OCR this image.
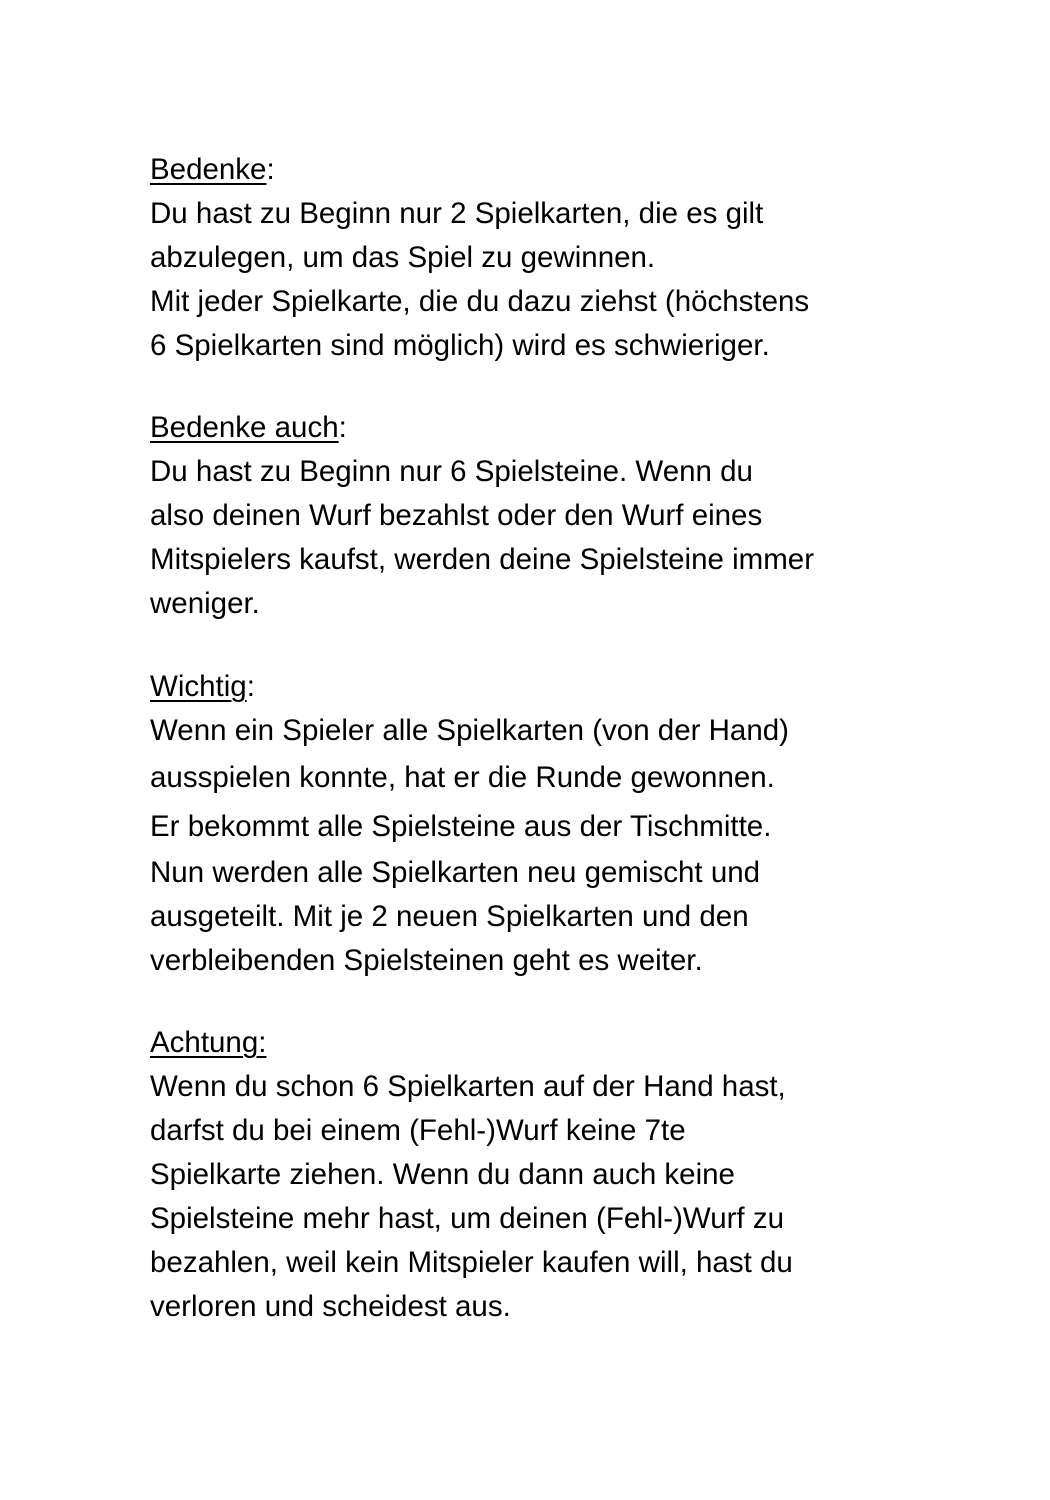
Bedenke:
Du hast zu Beginn nur 2 Spielkarten, die es gilt
abzulegen, um das Spiel zu gewinnen.
Mit jeder Spielkarte, die du dazu ziehst (höchstens
6 Spielkarten sind möglich) wird es schwieriger.
Bedenke auch:
Du hast zu Beginn nur 6 Spielsteine. Wenn du
also deinen Wurf bezahlst oder den Wurf eines
Mitspielers kaufst, werden deine Spielsteine immer
weniger.
Wichtig:
Wenn ein Spieler alle Spielkarten (von der Hand)
ausspielen konnte, hat er die Runde gewonnen.
Er bekommt alle Spielsteine aus der Tischmitte.
Nun werden alle Spielkarten neu gemischt und
ausgeteilt. Mit je 2 neuen Spielkarten und den
verbleibenden Spielsteinen geht es weiter.
Achtung:
Wenn du schon 6 Spielkarten auf der Hand hast,
darfst du bei einem (Fehl-)Wurf keine 7te
Spielkarte ziehen. Wenn du dann auch keine
Spielsteine mehr hast, um deinen (Fehl-)Wurf zu
bezahlen, weil kein Mitspieler kaufen will, hast du
verloren und scheidest aus.
